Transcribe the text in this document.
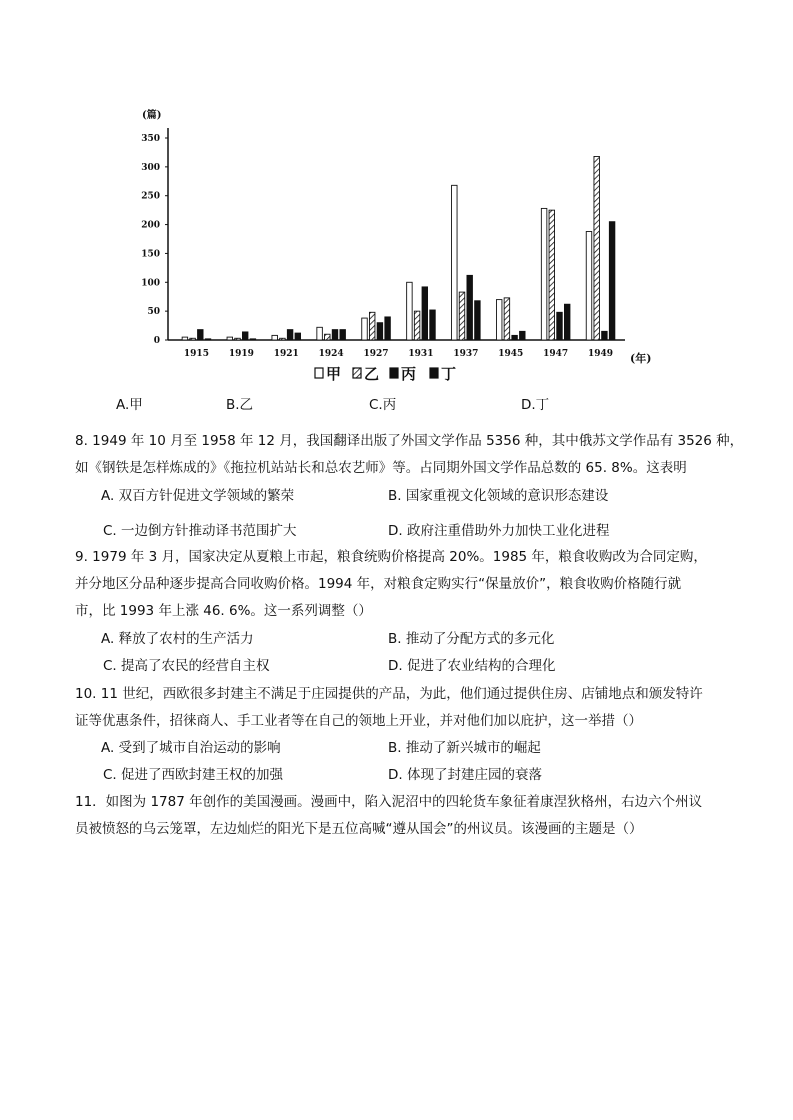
(篇)
(年)
0
50
100
150
200
250
300
350
1915 1919 1921 1924 1927 1931 1937 1945 1947 1949
甲 乙 丙 丁
A.甲	B.乙	C.丙	D.丁
8. 1949 年 10 月至 1958 年 12 月，我国翻译出版了外国文学作品 5356 种，其中俄苏文学作品有 3526 种，
如《钢铁是怎样炼成的》《拖拉机站站长和总农艺师》等。占同期外国文学作品总数的 65. 8%。这表明
A. 双百方针促进文学领域的繁荣	B. 国家重视文化领域的意识形态建设
C. 一边倒方针推动译书范围扩大	D. 政府注重借助外力加快工业化进程
9. 1979 年 3 月，国家决定从夏粮上市起，粮食统购价格提高 20%。1985 年，粮食收购改为合同定购，
并分地区分品种逐步提高合同收购价格。1994 年，对粮食定购实行“保量放价”，粮食收购价格随行就
市，比 1993 年上涨 46. 6%。这一系列调整（）
A. 释放了农村的生产活力	B. 推动了分配方式的多元化
C. 提高了农民的经营自主权	D. 促进了农业结构的合理化
10. 11 世纪，西欧很多封建主不满足于庄园提供的产品，为此，他们通过提供住房、店铺地点和颁发特许
证等优惠条件，招徕商人、手工业者等在自己的领地上开业，并对他们加以庇护，这一举措（）
A. 受到了城市自治运动的影响	B. 推动了新兴城市的崛起
C. 促进了西欧封建王权的加强	D. 体现了封建庄园的衰落
11．如图为 1787 年创作的美国漫画。漫画中，陷入泥沼中的四轮货车象征着康涅狄格州，右边六个州议
员被愤怒的乌云笼罩，左边灿烂的阳光下是五位高喊“遵从国会”的州议员。该漫画的主题是（）
